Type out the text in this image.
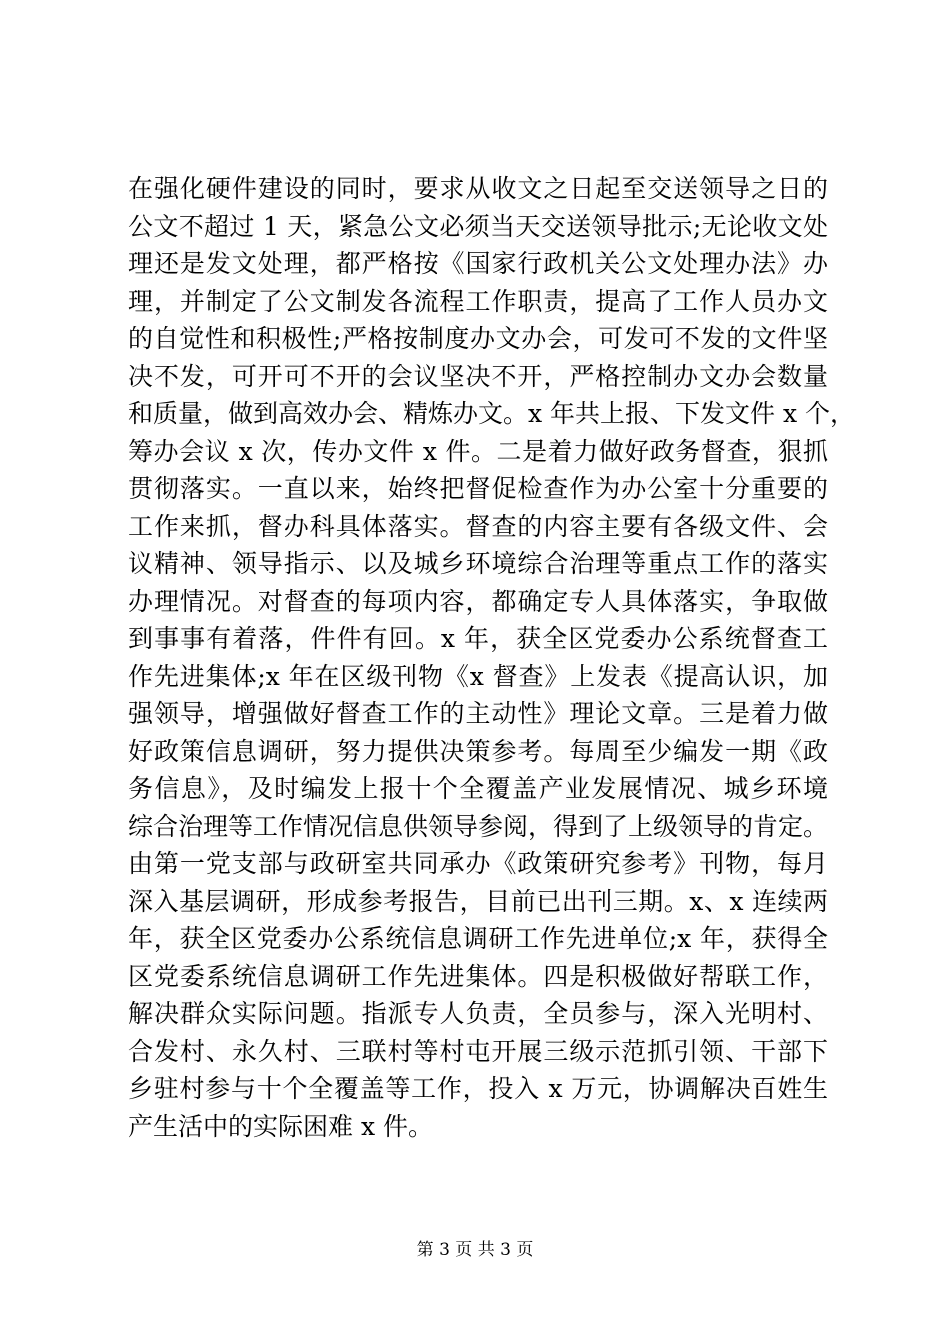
在强化硬件建设的同时，要求从收文之日起至交送领导之日的
公文不超过 1 天，紧急公文必须当天交送领导批示;无论收文处
理还是发文处理，都严格按《国家行政机关公文处理办法》办
理，并制定了公文制发各流程工作职责，提高了工作人员办文
的自觉性和积极性;严格按制度办文办会，可发可不发的文件坚
决不发，可开可不开的会议坚决不开，严格控制办文办会数量
和质量，做到高效办会、精炼办文。x 年共上报、下发文件 x 个，
筹办会议 x 次，传办文件 x 件。二是着力做好政务督查，狠抓
贯彻落实。一直以来，始终把督促检查作为办公室十分重要的
工作来抓，督办科具体落实。督查的内容主要有各级文件、会
议精神、领导指示、以及城乡环境综合治理等重点工作的落实
办理情况。对督查的每项内容，都确定专人具体落实，争取做
到事事有着落，件件有回。x 年，获全区党委办公系统督查工
作先进集体;x 年在区级刊物《x 督查》上发表《提高认识，加
强领导，增强做好督查工作的主动性》理论文章。三是着力做
好政策信息调研，努力提供决策参考。每周至少编发一期《政
务信息》，及时编发上报十个全覆盖产业发展情况、城乡环境
综合治理等工作情况信息供领导参阅，得到了上级领导的肯定。
由第一党支部与政研室共同承办《政策研究参考》刊物，每月
深入基层调研，形成参考报告，目前已出刊三期。x、x 连续两
年，获全区党委办公系统信息调研工作先进单位;x 年，获得全
区党委系统信息调研工作先进集体。四是积极做好帮联工作，
解决群众实际问题。指派专人负责，全员参与，深入光明村、
合发村、永久村、三联村等村屯开展三级示范抓引领、干部下
乡驻村参与十个全覆盖等工作，投入 x 万元，协调解决百姓生
产生活中的实际困难 x 件。
第 3 页 共 3 页
